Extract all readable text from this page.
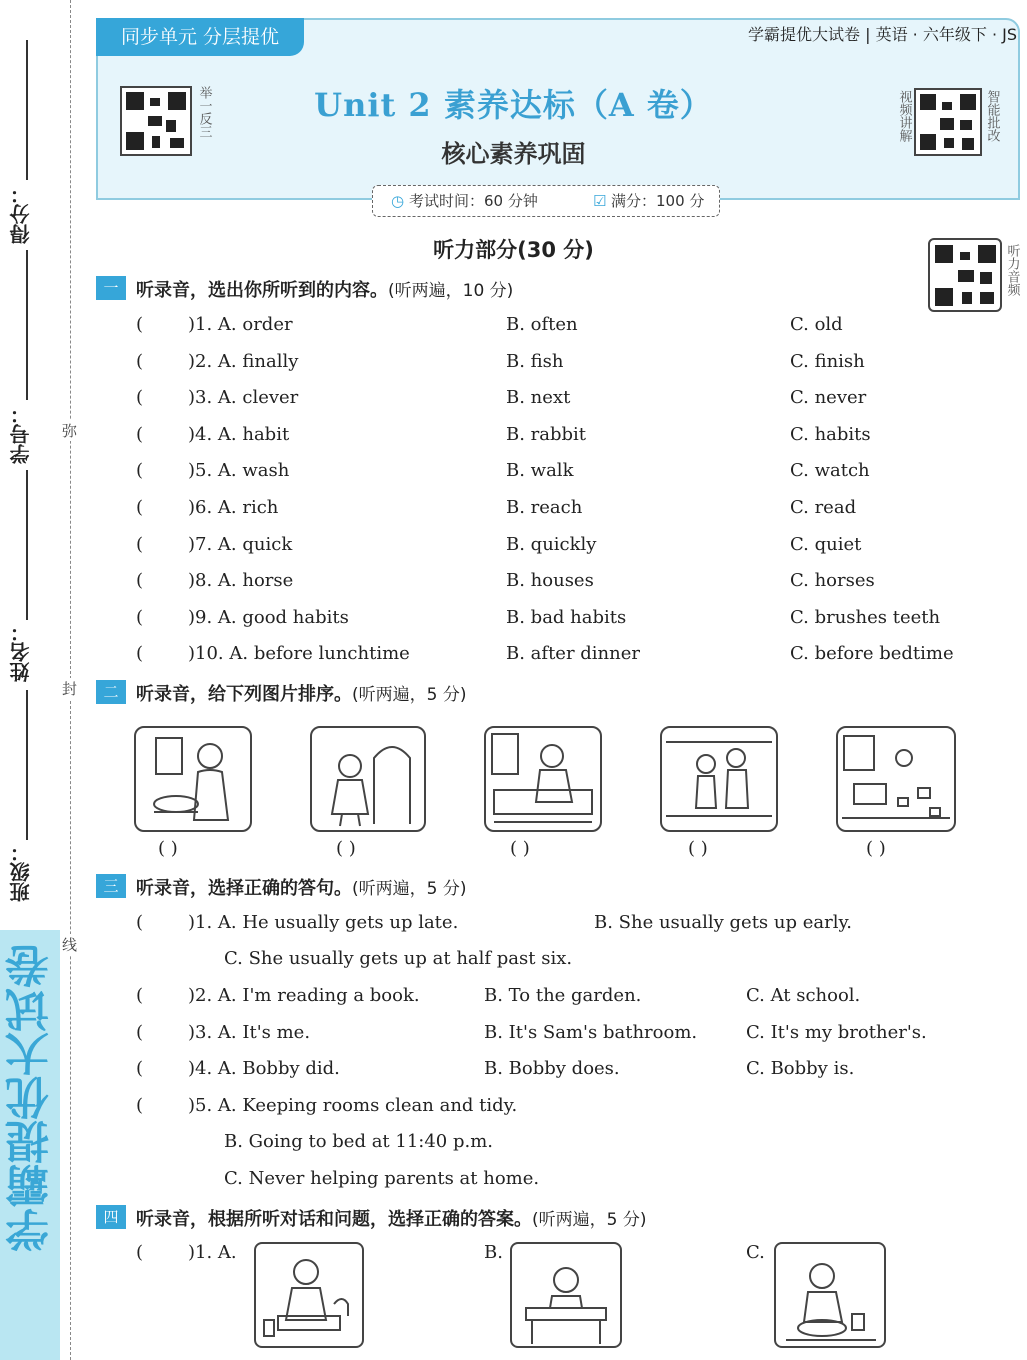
得分：
学号：
姓名：
班级：
弥
封
线
学霸提优大试卷
同步单元 分层提优	学霸提优大试卷 | 英语 · 六年级下 · JS
举一反三	Unit 2 素养达标（A 卷）
核心素养巩固
视频讲解	智能批改
◷ 考试时间：60 分钟	☑ 满分：100 分
听力音频
听力部分(30 分)
一 听录音，选出你所听到的内容。(听两遍，10 分)
( )1. A. order	B. often	C. old
( )2. A. finally	B. fish	C. finish
( )3. A. clever	B. next	C. never
( )4. A. habit	B. rabbit	C. habits
( )5. A. wash	B. walk	C. watch
( )6. A. rich	B. reach	C. read
( )7. A. quick	B. quickly	C. quiet
( )8. A. horse	B. houses	C. horses
( )9. A. good habits	B. bad habits	C. brushes teeth
( )10. A. before lunchtime	B. after dinner	C. before bedtime
二 听录音，给下列图片排序。(听两遍，5 分)
( )	( )	( )	( )	( )
三 听录音，选择正确的答句。(听两遍，5 分)
( )1. A. He usually gets up late.	B. She usually gets up early.
C. She usually gets up at half past six.
( )2. A. I'm reading a book.	B. To the garden.	C. At school.
( )3. A. It's me.	B. It's Sam's bathroom.	C. It's my brother's.
( )4. A. Bobby did.	B. Bobby does.	C. Bobby is.
( )5. A. Keeping rooms clean and tidy.
B. Going to bed at 11:40 p.m.
C. Never helping parents at home.
四 听录音，根据所听对话和问题，选择正确的答案。(听两遍，5 分)
( )1. A.	B.	C.
